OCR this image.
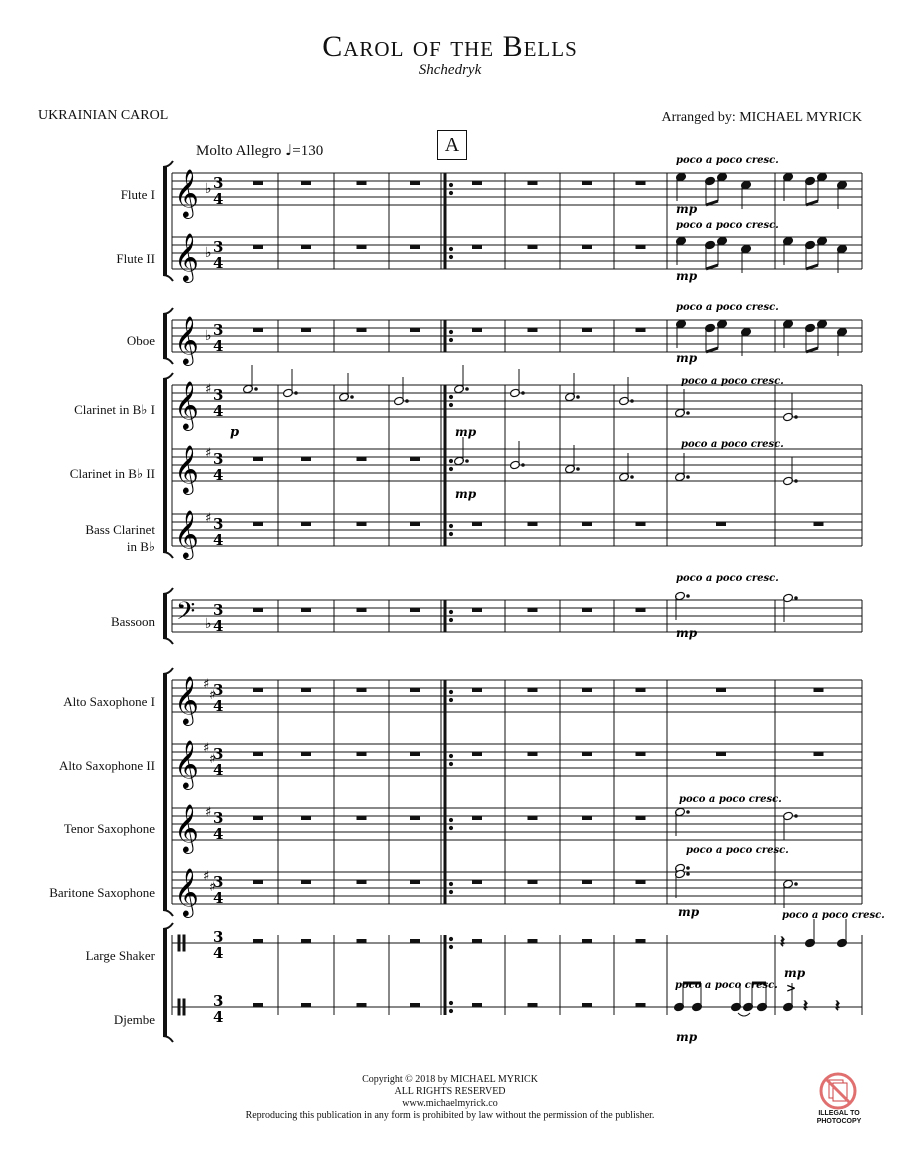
Carol of the Bells
Shchedryk
UKRAINIAN CAROL	Arranged by: MICHAEL MYRICK
Molto Allegro ♩=130	A
Flute I
Flute II
Oboe
Clarinet in B♭ I
Clarinet in B♭ II
Bass Clarinet
in B♭
Bassoon
Alto Saxophone I
Alto Saxophone II
Tenor Saxophone
Baritone Saxophone
Large Shaker
Djembe
𝄞
𝄞
𝄞
𝄞
𝄞
𝄞
𝄢
𝄞
𝄞
𝄞
𝄞
♭
♭
♭
♯
♯
♯
♭
♯
♯
♯
♯
♯
♯
♯
3
4
3
4
3
4
3
4
3
4
3
4
3
4
3
4
3
4
3
4
3
4
3
4
3
4
𝄽
𝄽 𝄽
poco a poco cresc.
poco a poco cresc.
poco a poco cresc.
poco a poco cresc.
poco a poco cresc.
poco a poco cresc.
poco a poco cresc.
poco a poco cresc.
poco a poco cresc.
poco a poco cresc.
mp
mp
mp
mp
mp
mp
p	mp
mp
mp
>
Copyright © 2018 by MICHAEL MYRICK
ALL RIGHTS RESERVED
www.michaelmyrick.co
Reproducing this publication in any form is prohibited by law without the permission of the publisher.	ILLEGAL TO
PHOTOCOPY
